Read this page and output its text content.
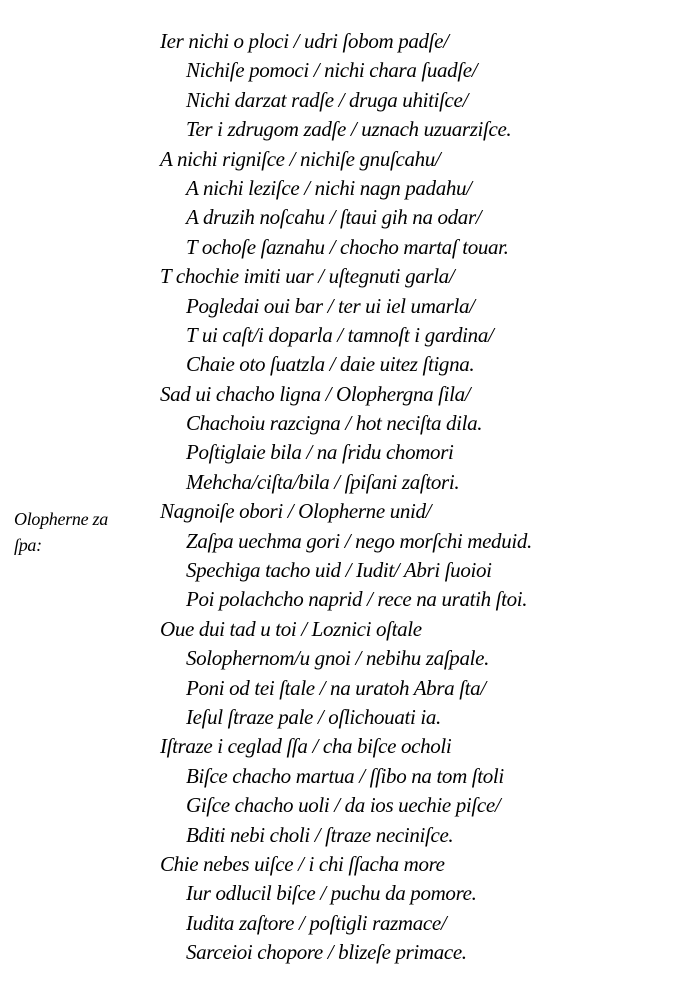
Olopherne za
ſpa:
Ier nichi o ploci / udri ſobom padſe/
Nichiſe pomoci / nichi chara ſuadſe/
Nichi darzat radſe / druga uhitiſce/
Ter i zdrugom zadſe / uznach uzuarziſce.
A nichi rigniſce / nichiſe gnuſcahu/
A nichi leziſce / nichi nagn padahu/
A druzih noſcahu / ſtaui gih na odar/
T ochoſe ſaznahu / chocho martaſ touar.
T chochie imiti uar / uſtegnuti garla/
Pogledai oui bar / ter ui iel umarla/
T ui caſt/i doparla / tamnoſt i gardina/
Chaie oto ſuatzla / daie uitez ſtigna.
Sad ui chacho ligna / Olophergna ſila/
Chachoiu razcigna / hot neciſta dila.
Poſtiglaie bila / na ſridu chomori
Mehcha/ciſta/bila / ſpiſani zaſtori.
Nagnoiſe obori / Olopherne unid/
Zaſpa uechma gori / nego morſchi meduid.
Spechiga tacho uid / Iudit/ Abri ſuoioi
Poi polachcho naprid / rece na uratih ſtoi.
Oue dui tad u toi / Loznici oſtale
Solophernom/u gnoi / nebihu zaſpale.
Poni od tei ſtale / na uratoh Abra ſta/
Ieſul ſtraze pale / oſlichouati ia.
Iſtraze i ceglad ſſa / cha biſce ocholi
Biſce chacho martua / ſſibo na tom ſtoli
Giſce chacho uoli / da ios uechie piſce/
Bditi nebi choli / ſtraze neciniſce.
Chie nebes uiſce / i chi ſſacha more
Iur odlucil biſce / puchu da pomore.
Iudita zaſtore / poſtigli razmace/
Sarceioi chopore / blizeſe primace.
